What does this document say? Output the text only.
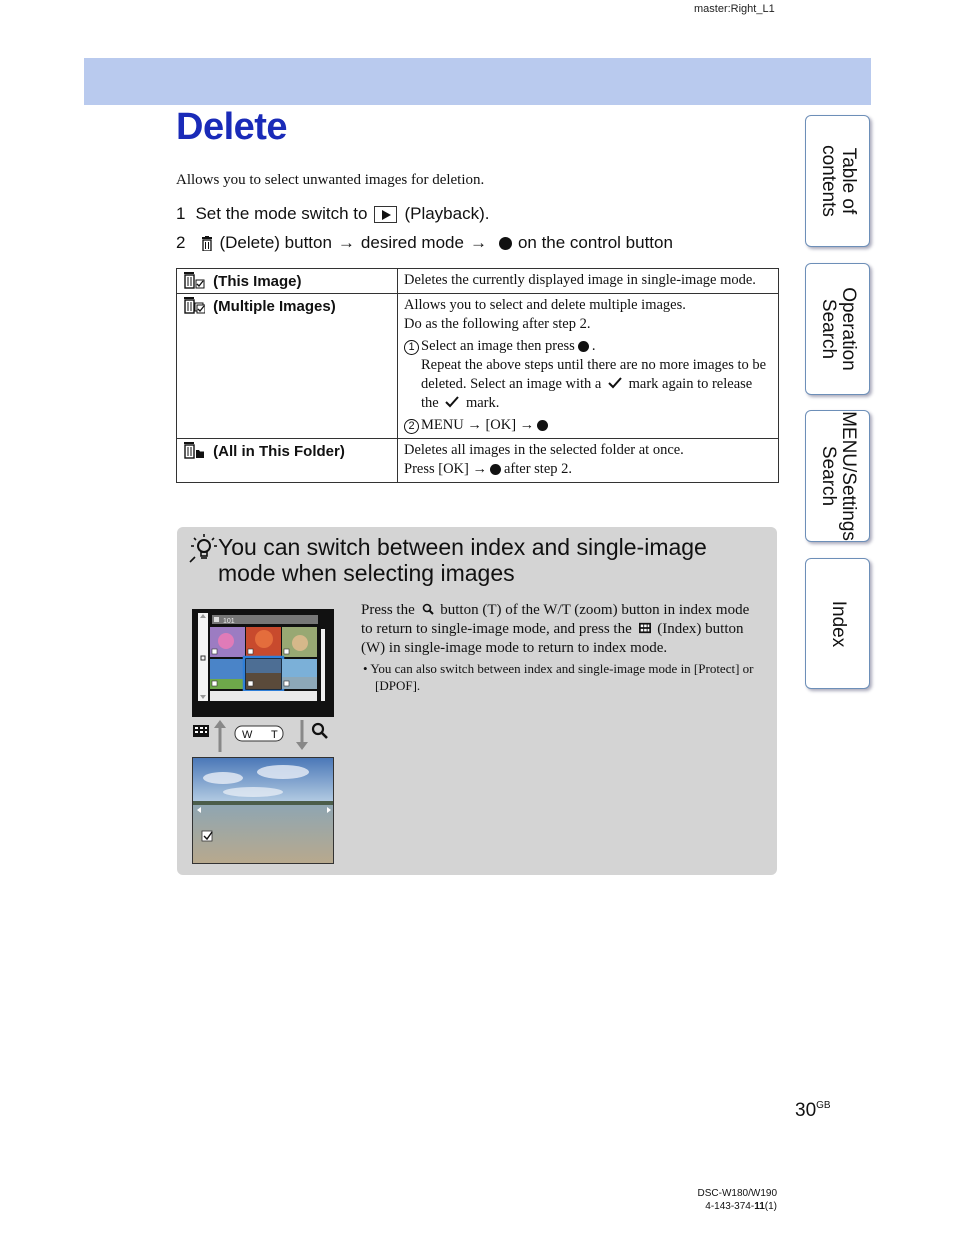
master:Right_L1
Delete

Allows you to select unwanted images for deletion.

1 Set the mode switch to (Playback).
2 (Delete) button → desired mode → on the control button
(This Image)	Deletes the currently displayed image in single-image mode.
(Multiple Images)	Allows you to select and delete multiple images.
Do as the following after step 2.
1 Select an image then press .
Repeat the above steps until there are no more images to be deleted. Select an image with a mark again to release the mark.
2 MENU → [OK] →

(All in This Folder)	Deletes all images in the selected folder at once.
Press [OK] → after step 2.
You can switch between index and single-image mode when selecting images
101
W T
Press the button (T) of the W/T (zoom) button in index mode to return to single-image mode, and press the (Index) button (W) in single-image mode to return to index mode.
• You can also switch between index and single-image mode in [Protect] or [DPOF].
Table of contents
Operation Search
MENU/Settings Search
Index
$30^{GB}$
DSC-W180/W190
4-143-374-11(1)
